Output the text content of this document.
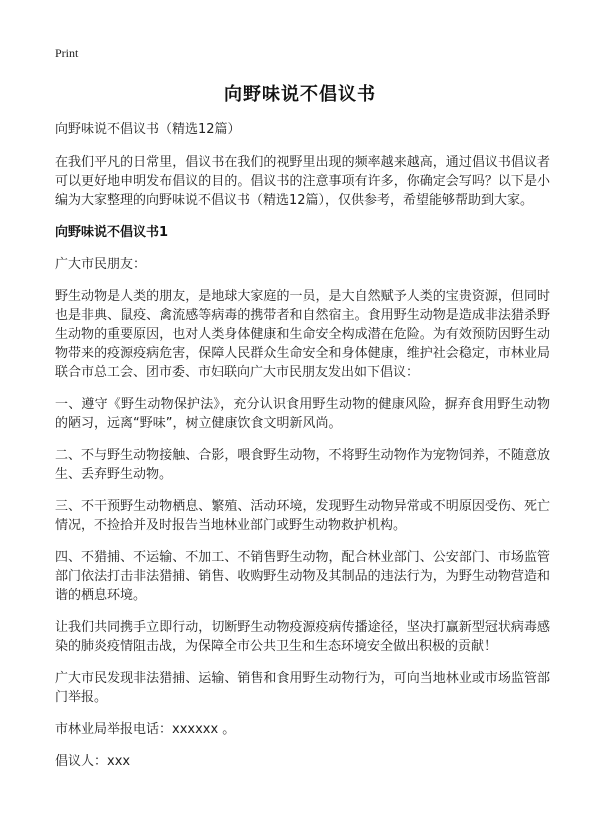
Print
向野味说不倡议书

向野味说不倡议书（精选12篇）

在我们平凡的日常里，倡议书在我们的视野里出现的频率越来越高，通过倡议书倡议者可以更好地申明发布倡议的目的。倡议书的注意事项有许多，你确定会写吗？以下是小编为大家整理的向野味说不倡议书（精选12篇），仅供参考，希望能够帮助到大家。

向野味说不倡议书1

广大市民朋友：

野生动物是人类的朋友，是地球大家庭的一员，是大自然赋予人类的宝贵资源，但同时也是非典、鼠疫、禽流感等病毒的携带者和自然宿主。食用野生动物是造成非法猎杀野生动物的重要原因，也对人类身体健康和生命安全构成潜在危险。为有效预防因野生动物带来的疫源疫病危害，保障人民群众生命安全和身体健康，维护社会稳定，市林业局联合市总工会、团市委、市妇联向广大市民朋友发出如下倡议：

一、遵守《野生动物保护法》，充分认识食用野生动物的健康风险，摒弃食用野生动物的陋习，远离“野味”，树立健康饮食文明新风尚。

二、不与野生动物接触、合影，喂食野生动物，不将野生动物作为宠物饲养，不随意放生、丢弃野生动物。

三、不干预野生动物栖息、繁殖、活动环境，发现野生动物异常或不明原因受伤、死亡情况，不捡拾并及时报告当地林业部门或野生动物救护机构。

四、不猎捕、不运输、不加工、不销售野生动物，配合林业部门、公安部门、市场监管部门依法打击非法猎捕、销售、收购野生动物及其制品的违法行为，为野生动物营造和谐的栖息环境。

让我们共同携手立即行动，切断野生动物疫源疫病传播途径，坚决打赢新型冠状病毒感染的肺炎疫情阻击战，为保障全市公共卫生和生态环境安全做出积极的贡献！

广大市民发现非法猎捕、运输、销售和食用野生动物行为，可向当地林业或市场监管部门举报。

市林业局举报电话：xxxxxx 。

倡议人：xxx
